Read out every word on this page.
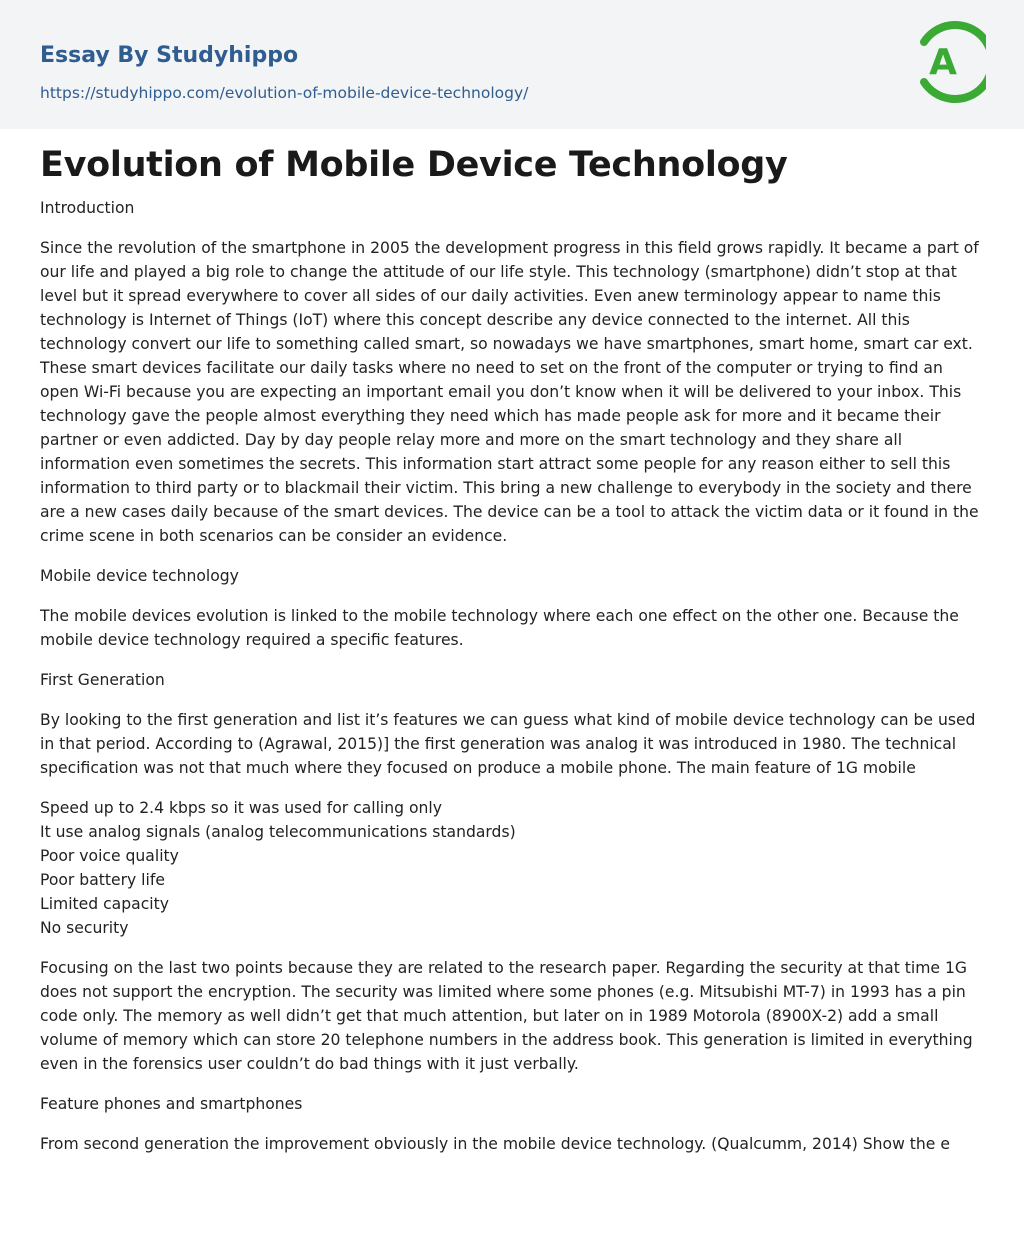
Essay By Studyhippo
https://studyhippo.com/evolution-of-mobile-device-technology/
A
Evolution of Mobile Device Technology

Introduction

Since the revolution of the smartphone in 2005 the development progress in this field grows rapidly. It became a part of our life and played a big role to change the attitude of our life style. This technology (smartphone) didn’t stop at that level but it spread everywhere to cover all sides of our daily activities. Even anew terminology appear to name this technology is Internet of Things (IoT) where this concept describe any device connected to the internet. All this technology convert our life to something called smart, so nowadays we have smartphones, smart home, smart car ext. These smart devices facilitate our daily tasks where no need to set on the front of the computer or trying to find an open Wi-Fi because you are expecting an important email you don’t know when it will be delivered to your inbox. This technology gave the people almost everything they need which has made people ask for more and it became their partner or even addicted. Day by day people relay more and more on the smart technology and they share all information even sometimes the secrets. This information start attract some people for any reason either to sell this information to third party or to blackmail their victim. This bring a new challenge to everybody in the society and there are a new cases daily because of the smart devices. The device can be a tool to attack the victim data or it found in the crime scene in both scenarios can be consider an evidence.

Mobile device technology

The mobile devices evolution is linked to the mobile technology where each one effect on the other one. Because the mobile device technology required a specific features.

First Generation

By looking to the first generation and list it’s features we can guess what kind of mobile device technology can be used in that period. According to (Agrawal, 2015)] the first generation was analog it was introduced in 1980. The technical specification was not that much where they focused on produce a mobile phone. The main feature of 1G mobile

Speed up to 2.4 kbps so it was used for calling only
It use analog signals (analog telecommunications standards)
Poor voice quality
Poor battery life
Limited capacity
No security

Focusing on the last two points because they are related to the research paper. Regarding the security at that time 1G does not support the encryption. The security was limited where some phones (e.g. Mitsubishi MT-7) in 1993 has a pin code only. The memory as well didn’t get that much attention, but later on in 1989 Motorola (8900X-2) add a small volume of memory which can store 20 telephone numbers in the address book. This generation is limited in everything even in the forensics user couldn’t do bad things with it just verbally.

Feature phones and smartphones

From second generation the improvement obviously in the mobile device technology. (Qualcumm, 2014) Show the e
